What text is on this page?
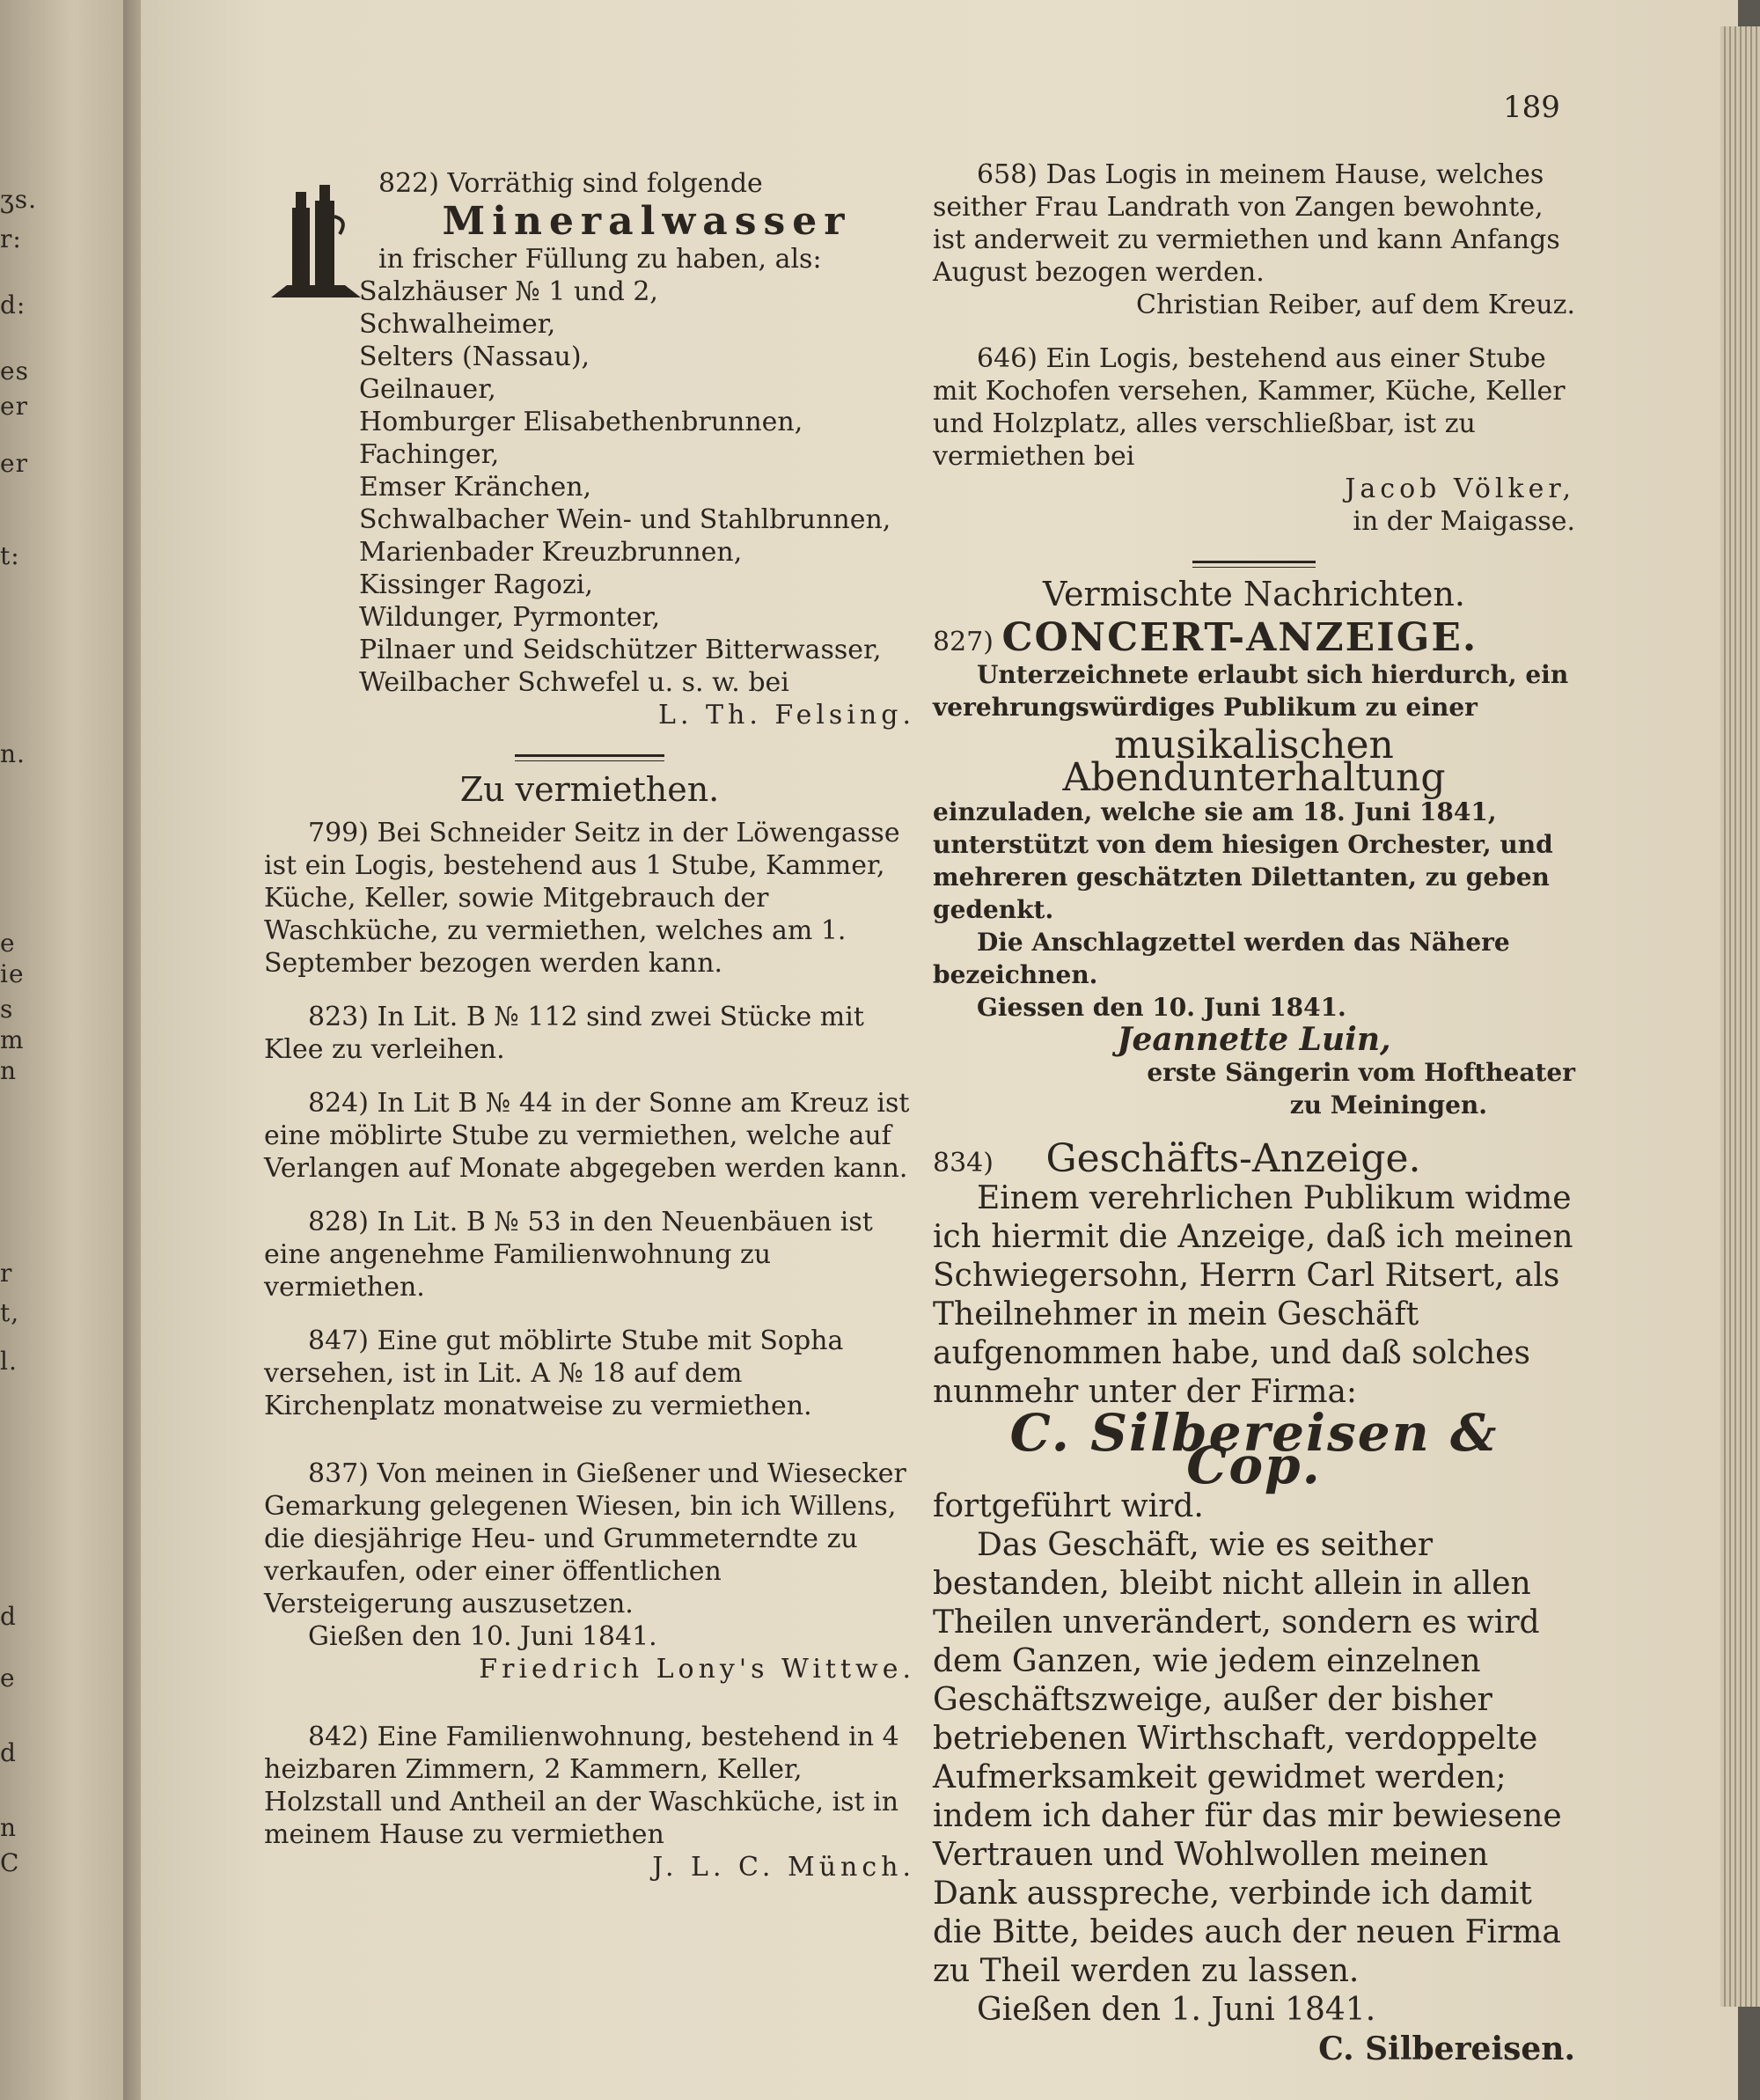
ʒs.
r:
d:
es
er
er
t:
n.
e
ie
s
m
n
r
t,
l.
d
e
d
n
C
189

822) Vorräthig sind folgende

Mineralwasser

in frischer Füllung zu haben, als:

Salzhäuser № 1 und 2,

Schwalheimer,

Selters (Nassau),

Geilnauer,

Homburger Elisabethenbrunnen,

Fachinger,

Emser Kränchen,

Schwalbacher Wein- und Stahlbrunnen,

Marienbader Kreuzbrunnen,

Kissinger Ragozi,

Wildunger, Pyrmonter,

Pilnaer und Seidschützer Bitterwasser,

Weilbacher Schwefel u. s. w. bei

L. Th. Felsing.

Zu vermiethen.

799) Bei Schneider Seitz in der Löwengasse ist ein Logis, bestehend aus 1 Stube, Kammer, Küche, Keller, sowie Mitgebrauch der Waschküche, zu vermiethen, welches am 1. September bezogen werden kann.

823) In Lit. B № 112 sind zwei Stücke mit Klee zu verleihen.

824) In Lit B № 44 in der Sonne am Kreuz ist eine möblirte Stube zu vermiethen, welche auf Verlangen auf Monate abgegeben werden kann.

828) In Lit. B № 53 in den Neuenbäuen ist eine angenehme Familienwohnung zu vermiethen.

847) Eine gut möblirte Stube mit Sopha versehen, ist in Lit. A № 18 auf dem Kirchenplatz monatweise zu vermiethen.

837) Von meinen in Gießener und Wiesecker Gemarkung gelegenen Wiesen, bin ich Willens, die diesjährige Heu- und Grummeterndte zu verkaufen, oder einer öffentlichen Versteigerung auszusetzen.

Gießen den 10. Juni 1841.

Friedrich Lony's Wittwe.

842) Eine Familienwohnung, bestehend in 4 heizbaren Zimmern, 2 Kammern, Keller, Holzstall und Antheil an der Waschküche, ist in meinem Hause zu vermiethen

J. L. C. Münch.

658) Das Logis in meinem Hause, welches seither Frau Landrath von Zangen bewohnte, ist anderweit zu vermiethen und kann Anfangs August bezogen werden.

Christian Reiber, auf dem Kreuz.

646) Ein Logis, bestehend aus einer Stube mit Kochofen versehen, Kammer, Küche, Keller und Holzplatz, alles verschließbar, ist zu vermiethen bei

Jacob Völker,

in der Maigasse.

Vermischte Nachrichten.

827) CONCERT-ANZEIGE.

Unterzeichnete erlaubt sich hierdurch, ein verehrungswürdiges Publikum zu einer

musikalischen Abendunterhaltung

einzuladen, welche sie am 18. Juni 1841, unterstützt von dem hiesigen Orchester, und mehreren geschätzten Dilettanten, zu geben gedenkt.

Die Anschlagzettel werden das Nähere bezeichnen.

Giessen den 10. Juni 1841.

Jeannette Luin,

erste Sängerin vom Hoftheater

zu Meiningen.

834) Geschäfts-Anzeige.

Einem verehrlichen Publikum widme ich hiermit die Anzeige, daß ich meinen Schwiegersohn, Herrn Carl Ritsert, als Theilnehmer in mein Geschäft aufgenommen habe, und daß solches nunmehr unter der Firma:

C. Silbereisen & Cop.

fortgeführt wird.

Das Geschäft, wie es seither bestanden, bleibt nicht allein in allen Theilen unverändert, sondern es wird dem Ganzen, wie jedem einzelnen Geschäftszweige, außer der bisher betriebenen Wirthschaft, verdoppelte Aufmerksamkeit gewidmet werden; indem ich daher für das mir bewiesene Vertrauen und Wohlwollen meinen Dank ausspreche, verbinde ich damit die Bitte, beides auch der neuen Firma zu Theil werden zu lassen.

Gießen den 1. Juni 1841.

C. Silbereisen.
